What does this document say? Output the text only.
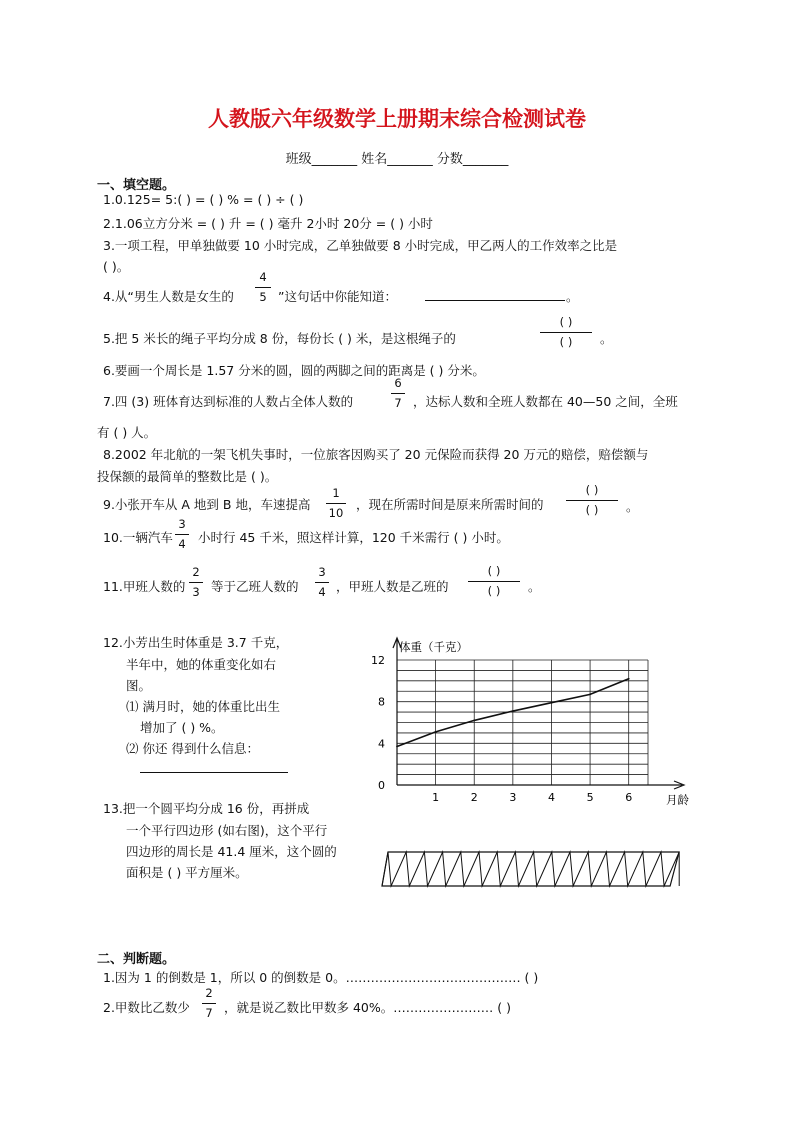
人教版六年级数学上册期末综合检测试卷
班级_______ 姓名_______ 分数_______
一、填空题。
1.0.125= 5:( ) = ( ) % = ( ) ÷ ( )
2.1.06立方分米 = ( ) 升 = ( ) 毫升 2小时 20分 = ( ) 小时
3.一项工程，甲单独做要 10 小时完成，乙单独做要 8 小时完成，甲乙两人的工作效率之比是
( )。
4.从“男生人数是女生的
4
5 ”这句话中你能知道：	。
5.把 5 米长的绳子平均分成 8 份，每份长 ( ) 米，是这根绳子的
( )
( )	。
6.要画一个周长是 1.57 分米的圆，圆的两脚之间的距离是 ( ) 分米。
7.四 (3) 班体育达到标准的人数占全体人数的
6
7 ，达标人数和全班人数都在 40—50 之间，全班
有 ( ) 人。
8.2002 年北航的一架飞机失事时，一位旅客因购买了 20 元保险而获得 20 万元的赔偿，赔偿额与
投保额的最简单的整数比是 ( )。
9.小张开车从 A 地到 B 地，车速提高
1
10
，现在所需时间是原来所需时间的
( )
( )	。
10.一辆汽车
3
4 小时行 45 千米，照这样计算，120 千米需行 ( ) 小时。
11.甲班人数的
2
3 等于乙班人数的
3
4 ，甲班人数是乙班的
( )
( )	。
12.小芳出生时体重是 3.7 千克，
半年中，她的体重变化如右
图。
⑴ 满月时，她的体重比出生
增加了 ( ) %。
⑵ 你还 得到什么信息：
13.把一个圆平均分成 16 份，再拼成
一个平行四边形 (如右图)，这个平行
四边形的周长是 41.4 厘米，这个圆的
面积是 ( ) 平方厘米。
0
4
8
12
1	2	3	4	5	6
体重（千克）
月龄
二、判断题。
1.因为 1 的倒数是 1，所以 0 的倒数是 0。…………………………………… ( )
2.甲数比乙数少
2
7 ，就是说乙数比甲数多 40%。…………………… ( )
